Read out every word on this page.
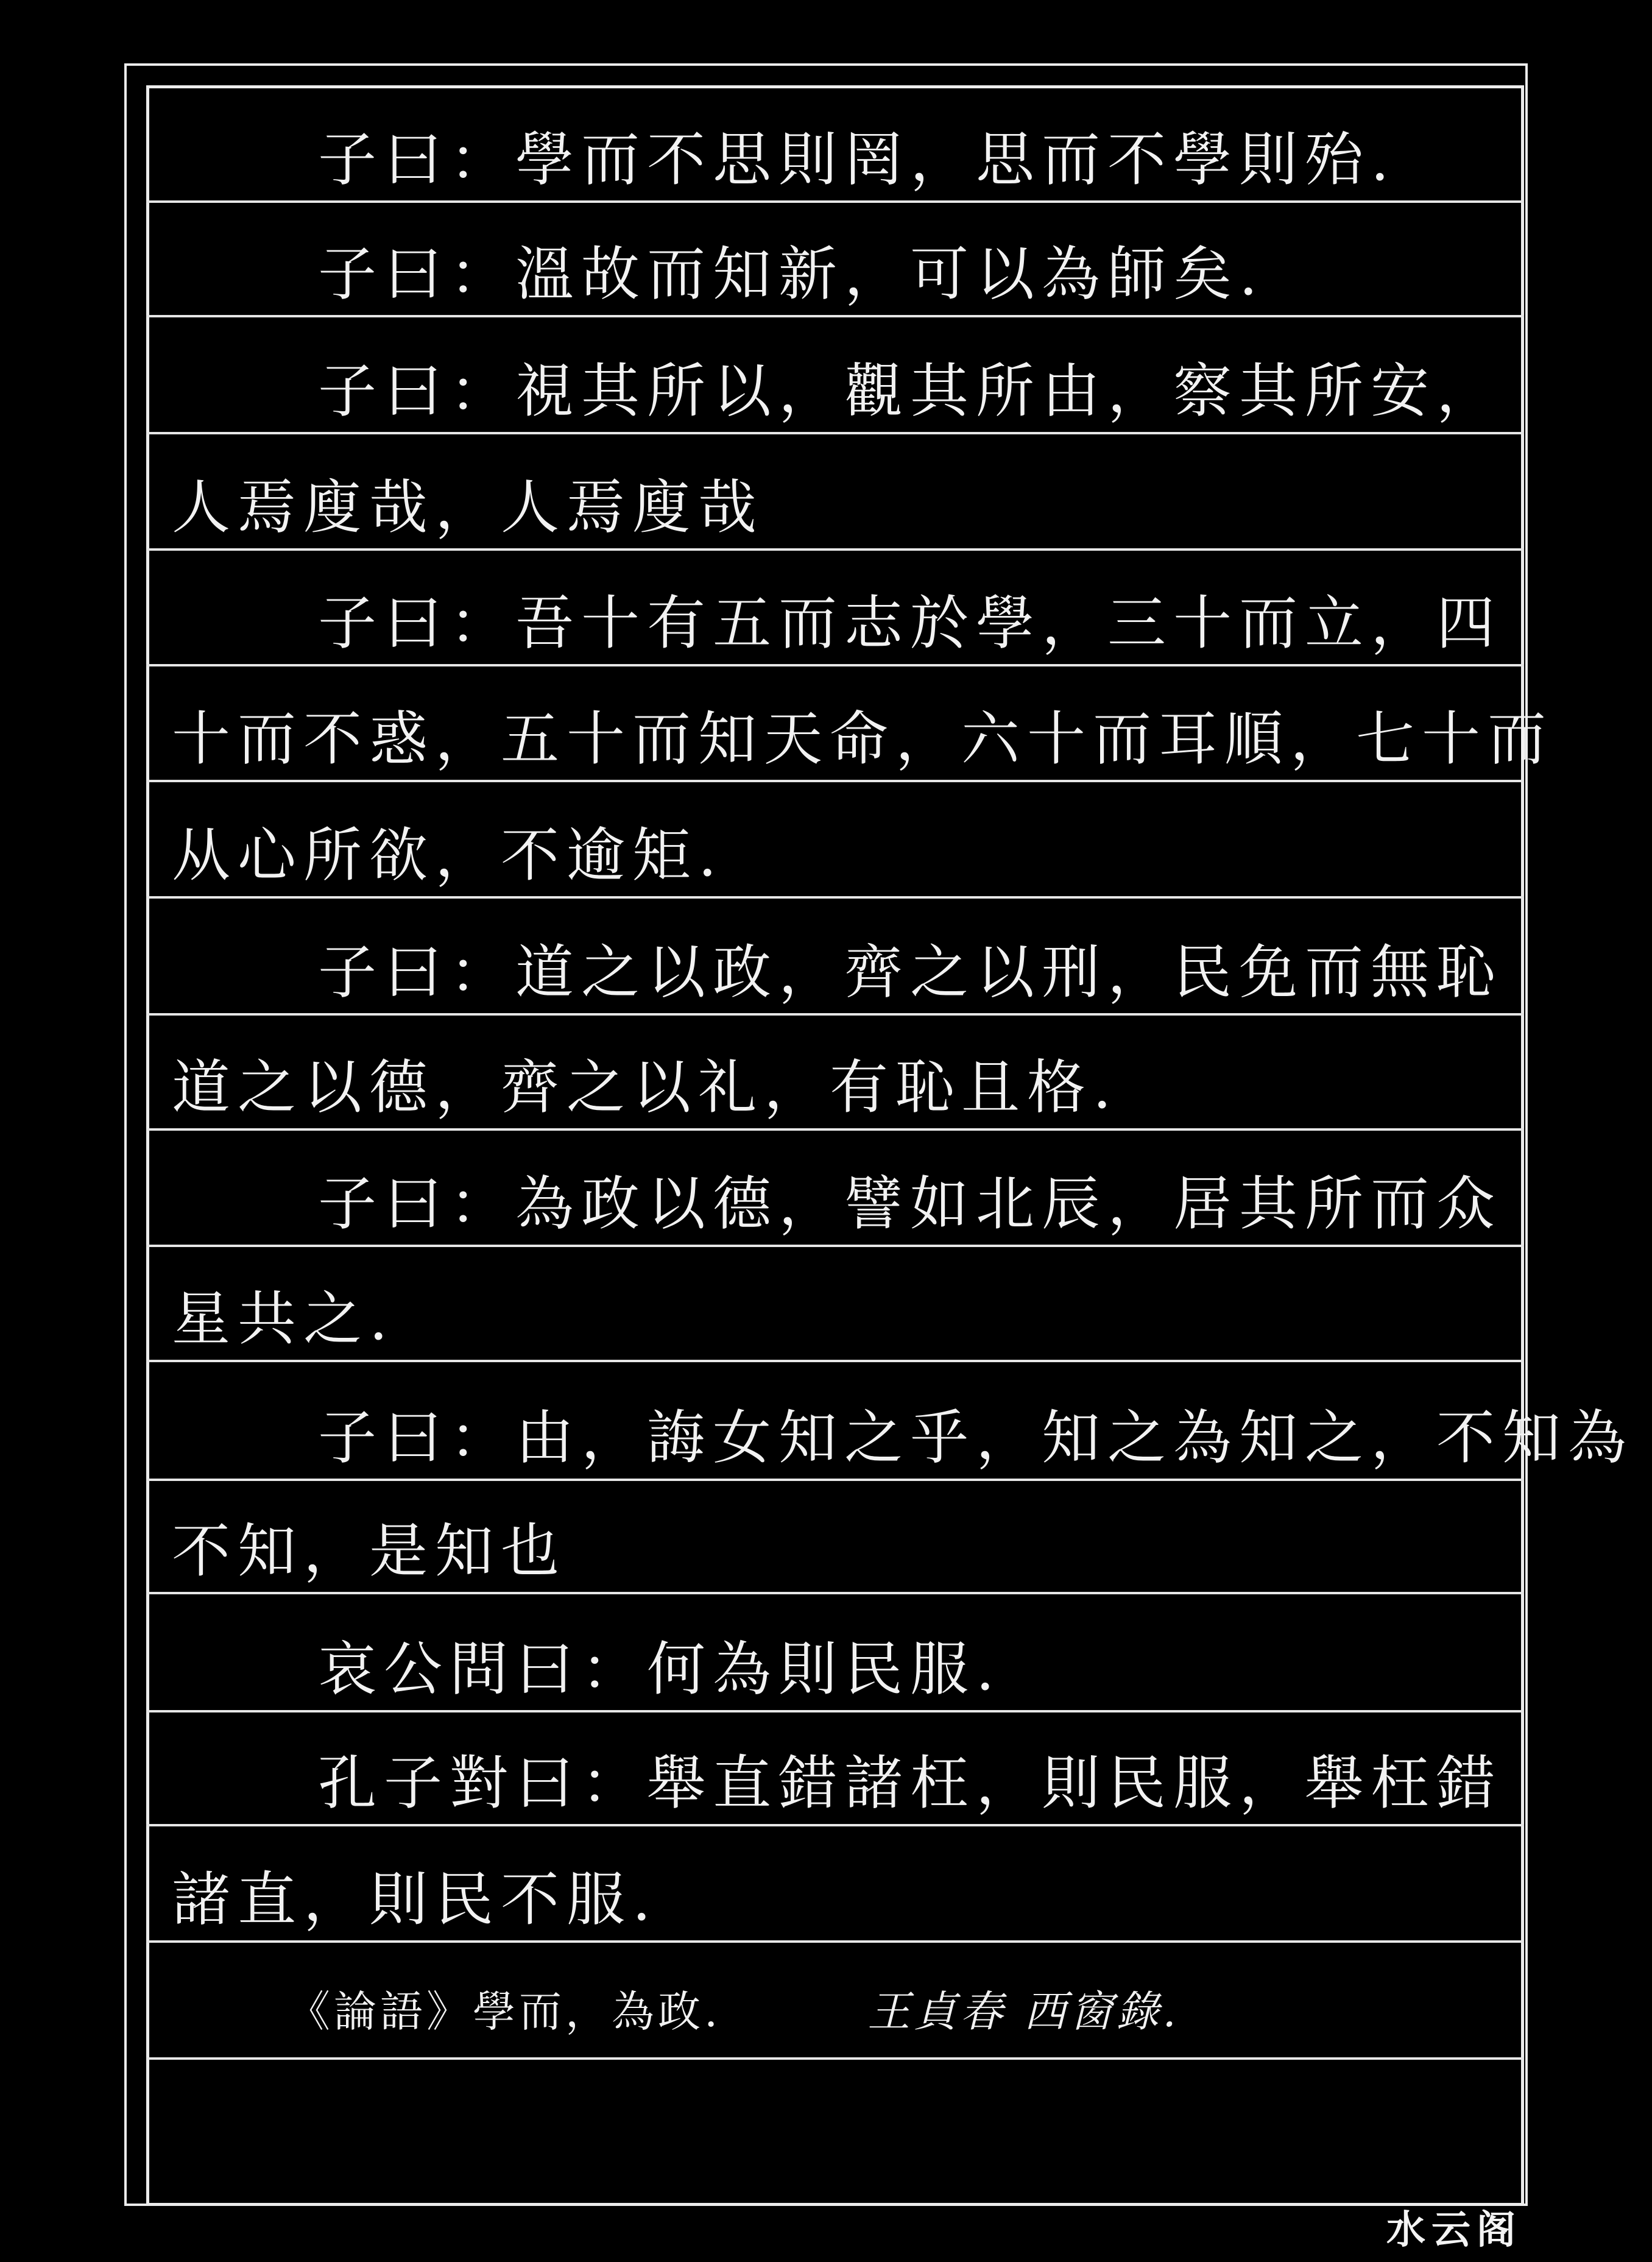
子曰：學而不思則罔，思而不學則殆.
子曰：溫故而知新，可以為師矣.
子曰：視其所以，觀其所由，察其所安，
人焉廋哉，人焉廋哉
子曰：吾十有五而志於學，三十而立，四
十而不惑，五十而知天命，六十而耳順，七十而
从心所欲，不逾矩.
子曰：道之以政，齊之以刑，民免而無恥
道之以德，齊之以礼，有恥且格.
子曰：為政以德，譬如北辰，居其所而众
星共之.
子曰：由，誨女知之乎，知之為知之，不知為
不知，是知也
哀公問曰：何為則民服.
孔子對曰：舉直錯諸枉，則民服，舉枉錯
諸直，則民不服.
《論語》學而，為政.	王貞春 西窗錄.
水云阁
